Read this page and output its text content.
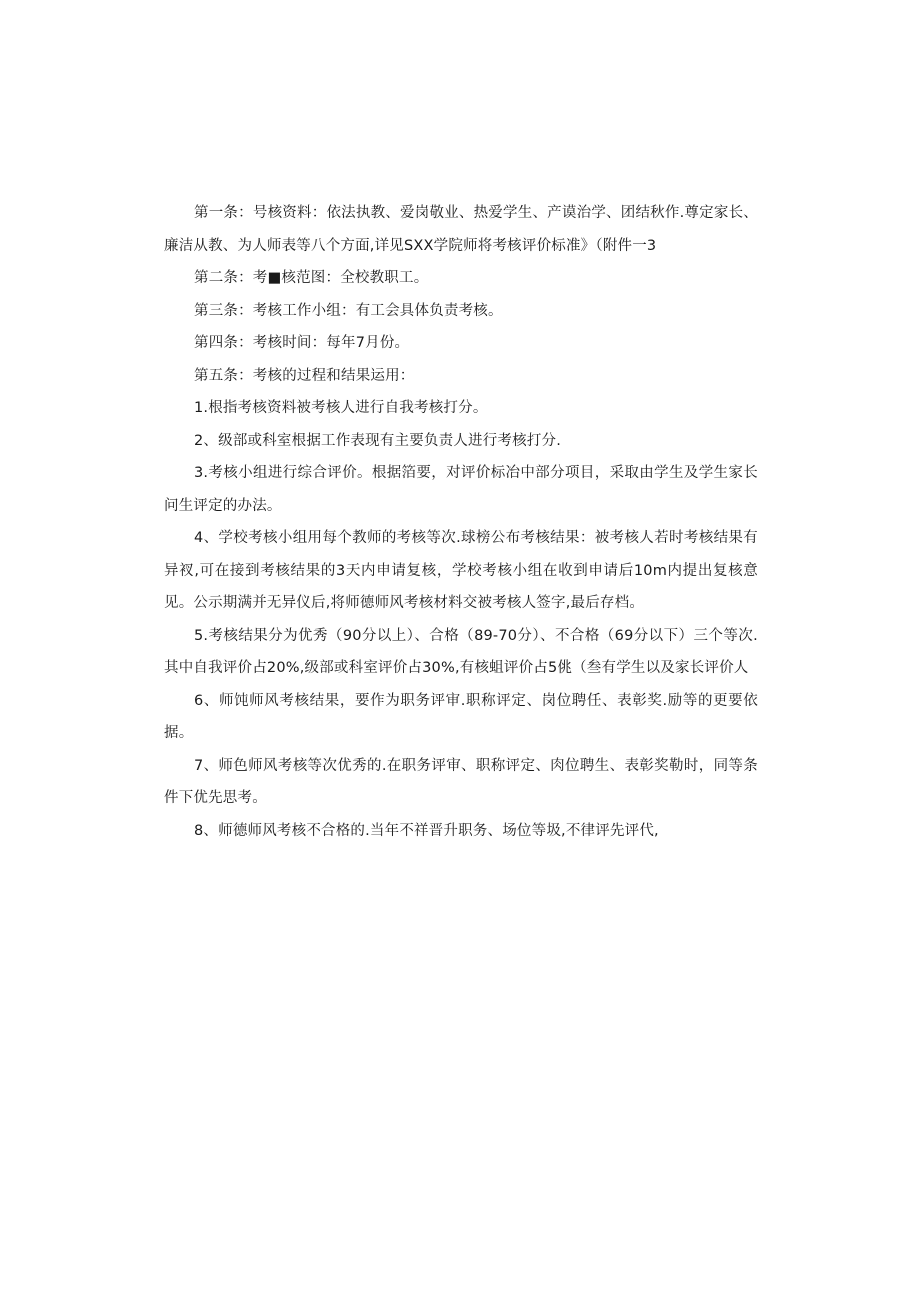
第一条：号核资料：依法执教、爱岗敬业、热爱学生、产谟治学、团结秋作.尊定家长、廉洁从教、为人师表等八个方面,详见SXX学院师将考核评价标准》（附件一3

第二条：考■核范图：全校教职工。

第三条：考核工作小组：有工会具体负责考核。

第四条：考核时间：每年7月份。

第五条：考核的过程和结果运用：

1.根指考核资料被考核人进行自我考核打分。

2、级部或科室根据工作表现有主要负责人进行考核打分.

3.考核小组进行综合评价。根据箔要，对评价标冶中部分项目，采取由学生及学生家长问生评定的办法。

4、学校考核小组用每个教师的考核等次.球榜公布考核结果：被考核人若时考核结果有异衩,可在接到考核结果的3天内申请复核，学校考核小组在收到申请后10m内提出复核意见。公示期满并无异仪后,将师德师风考核材料交被考核人签字,最后存档。

5.考核结果分为优秀（90分以上）、合格（89-70分）、不合格（69分以下）三个等次.其中自我评价占20%,级部或科室评价占30%,有核蛆评价占5佻（叁有学生以及家长评价人

6、师饨师风考核结果，要作为职务评审.职称评定、岗位聘任、表彰奖.励等的更要依据。

7、师色师风考核等次优秀的.在职务评审、职称评定、肉位聘生、表彰奖勒时，同等条件下优先思考。

8、师德师风考核不合格的.当年不祥晋升职务、场位等圾,不律评先评代,
